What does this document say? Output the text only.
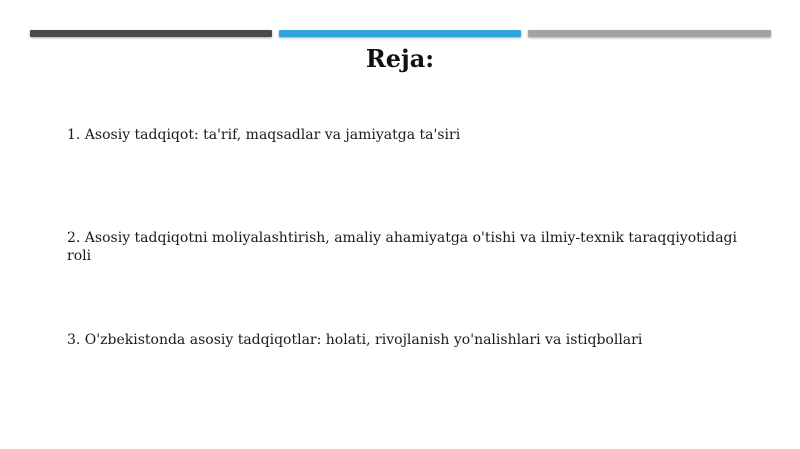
Reja:
1. Asosiy tadqiqot: ta'rif, maqsadlar va jamiyatga ta'siri
2. Asosiy tadqiqotni moliyalashtirish, amaliy ahamiyatga o'tishi va ilmiy-texnik taraqqiyotidagi roli
3. O'zbekistonda asosiy tadqiqotlar: holati, rivojlanish yo'nalishlari va istiqbollari
